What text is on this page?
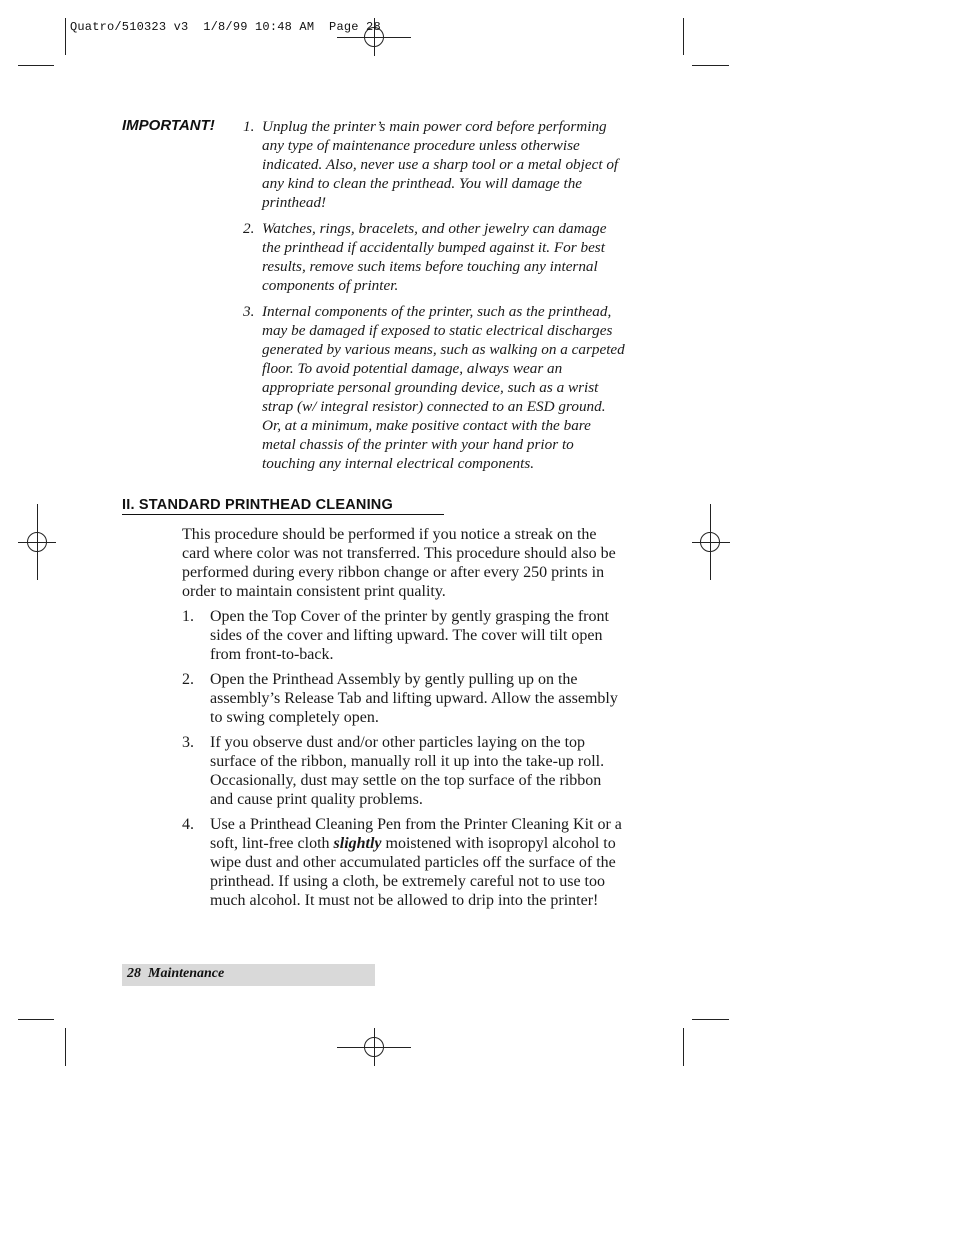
Quatro/510323 v3  1/8/99 10:48 AM  Page 28
IMPORTANT! 1. Unplug the printer’s main power cord before performing any type of maintenance procedure unless otherwise indicated. Also, never use a sharp tool or a metal object of any kind to clean the printhead. You will damage the printhead!
2. Watches, rings, bracelets, and other jewelry can damage the printhead if accidentally bumped against it. For best results, remove such items before touching any internal components of printer.
3. Internal components of the printer, such as the printhead, may be damaged if exposed to static electrical discharges generated by various means, such as walking on a carpeted floor. To avoid potential damage, always wear an appropriate personal grounding device, such as a wrist strap (w/ integral resistor) connected to an ESD ground. Or, at a minimum, make positive contact with the bare metal chassis of the printer with your hand prior to touching any internal electrical components.
II. STANDARD PRINTHEAD CLEANING
This procedure should be performed if you notice a streak on the card where color was not transferred. This procedure should also be performed during every ribbon change or after every 250 prints in order to maintain consistent print quality.
1. Open the Top Cover of the printer by gently grasping the front sides of the cover and lifting upward. The cover will tilt open from front-to-back.
2. Open the Printhead Assembly by gently pulling up on the assembly’s Release Tab and lifting upward. Allow the assembly to swing completely open.
3. If you observe dust and/or other particles laying on the top surface of the ribbon, manually roll it up into the take-up roll. Occasionally, dust may settle on the top surface of the ribbon and cause print quality problems.
4. Use a Printhead Cleaning Pen from the Printer Cleaning Kit or a soft, lint-free cloth slightly moistened with isopropyl alcohol to wipe dust and other accumulated particles off the surface of the printhead. If using a cloth, be extremely careful not to use too much alcohol. It must not be allowed to drip into the printer!
28  Maintenance
